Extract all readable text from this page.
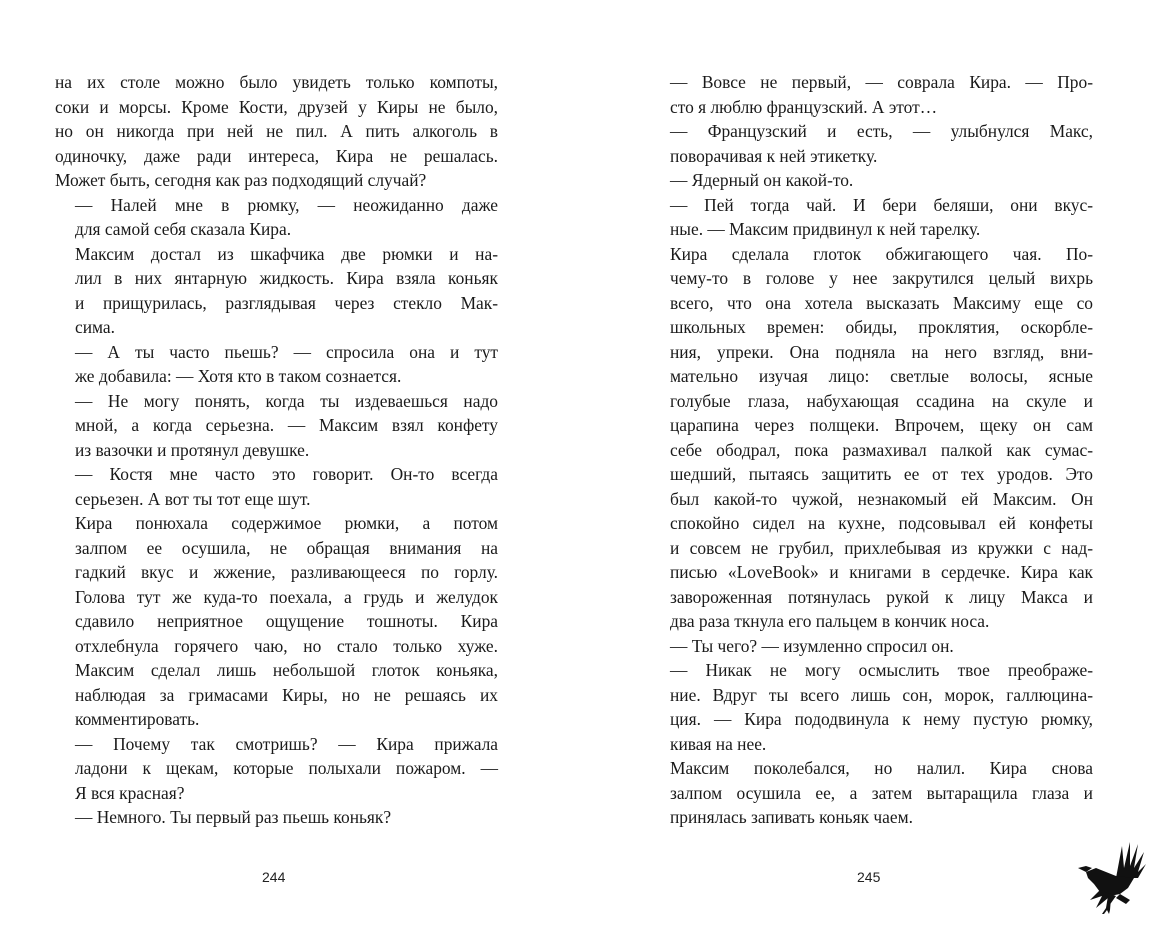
на их столе можно было увидеть только компоты,
соки и морсы. Кроме Кости, друзей у Киры не было,
но он никогда при ней не пил. А пить алкоголь в
одиночку, даже ради интереса, Кира не решалась.
Может быть, сегодня как раз подходящий случай?

— Налей мне в рюмку, — неожиданно даже
для самой себя сказала Кира.

Максим достал из шкафчика две рюмки и на-
лил в них янтарную жидкость. Кира взяла коньяк
и прищурилась, разглядывая через стекло Мак-
сима.

— А ты часто пьешь? — спросила она и тут
же добавила: — Хотя кто в таком сознается.

— Не могу понять, когда ты издеваешься надо
мной, а когда серьезна. — Максим взял конфету
из вазочки и протянул девушке.

— Костя мне часто это говорит. Он-то всегда
серьезен. А вот ты тот еще шут.

Кира понюхала содержимое рюмки, а потом
залпом ее осушила, не обращая внимания на
гадкий вкус и жжение, разливающееся по горлу.
Голова тут же куда-то поехала, а грудь и желудок
сдавило неприятное ощущение тошноты. Кира
отхлебнула горячего чаю, но стало только хуже.
Максим сделал лишь небольшой глоток коньяка,
наблюдая за гримасами Киры, но не решаясь их
комментировать.

— Почему так смотришь? — Кира прижала
ладони к щекам, которые полыхали пожаром. —
Я вся красная?

— Немного. Ты первый раз пьешь коньяк?

— Вовсе не первый, — соврала Кира. — Про-
сто я люблю французский. А этот…

— Французский и есть, — улыбнулся Макс,
поворачивая к ней этикетку.

— Ядерный он какой-то.

— Пей тогда чай. И бери беляши, они вкус-
ные. — Максим придвинул к ней тарелку.

Кира сделала глоток обжигающего чая. По-
чему-то в голове у нее закрутился целый вихрь
всего, что она хотела высказать Максиму еще со
школьных времен: обиды, проклятия, оскорбле-
ния, упреки. Она подняла на него взгляд, вни-
мательно изучая лицо: светлые волосы, ясные
голубые глаза, набухающая ссадина на скуле и
царапина через полщеки. Впрочем, щеку он сам
себе ободрал, пока размахивал палкой как сумас-
шедший, пытаясь защитить ее от тех уродов. Это
был какой-то чужой, незнакомый ей Максим. Он
спокойно сидел на кухне, подсовывал ей конфеты
и совсем не грубил, прихлебывая из кружки с над-
писью «LoveBook» и книгами в сердечке. Кира как
завороженная потянулась рукой к лицу Макса и
два раза ткнула его пальцем в кончик носа.

— Ты чего? — изумленно спросил он.

— Никак не могу осмыслить твое преображе-
ние. Вдруг ты всего лишь сон, морок, галлюцина-
ция. — Кира пододвинула к нему пустую рюмку,
кивая на нее.

Максим поколебался, но налил. Кира снова
залпом осушила ее, а затем вытаращила глаза и
принялась запивать коньяк чаем.

244	245
